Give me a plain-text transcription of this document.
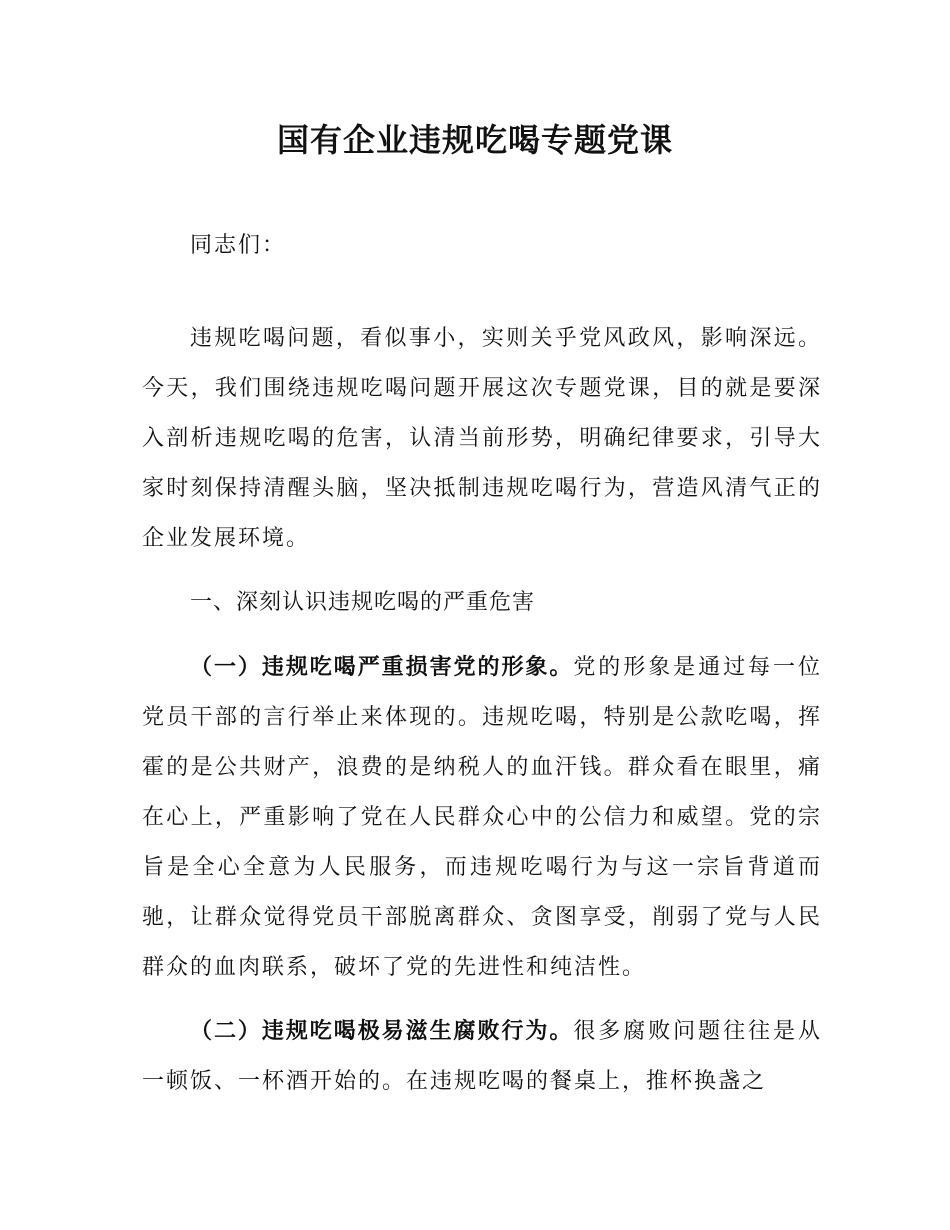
国有企业违规吃喝专题党课

同志们：

违规吃喝问题，看似事小，实则关乎党风政风，影响深远。今天，我们围绕违规吃喝问题开展这次专题党课，目的就是要深入剖析违规吃喝的危害，认清当前形势，明确纪律要求，引导大家时刻保持清醒头脑，坚决抵制违规吃喝行为，营造风清气正的企业发展环境。

一、深刻认识违规吃喝的严重危害

（一）违规吃喝严重损害党的形象。党的形象是通过每一位党员干部的言行举止来体现的。违规吃喝，特别是公款吃喝，挥霍的是公共财产，浪费的是纳税人的血汗钱。群众看在眼里，痛在心上，严重影响了党在人民群众心中的公信力和威望。党的宗旨是全心全意为人民服务，而违规吃喝行为与这一宗旨背道而驰，让群众觉得党员干部脱离群众、贪图享受，削弱了党与人民群众的血肉联系，破坏了党的先进性和纯洁性。

（二）违规吃喝极易滋生腐败行为。很多腐败问题往往是从一顿饭、一杯酒开始的。在违规吃喝的餐桌上，推杯换盏之
